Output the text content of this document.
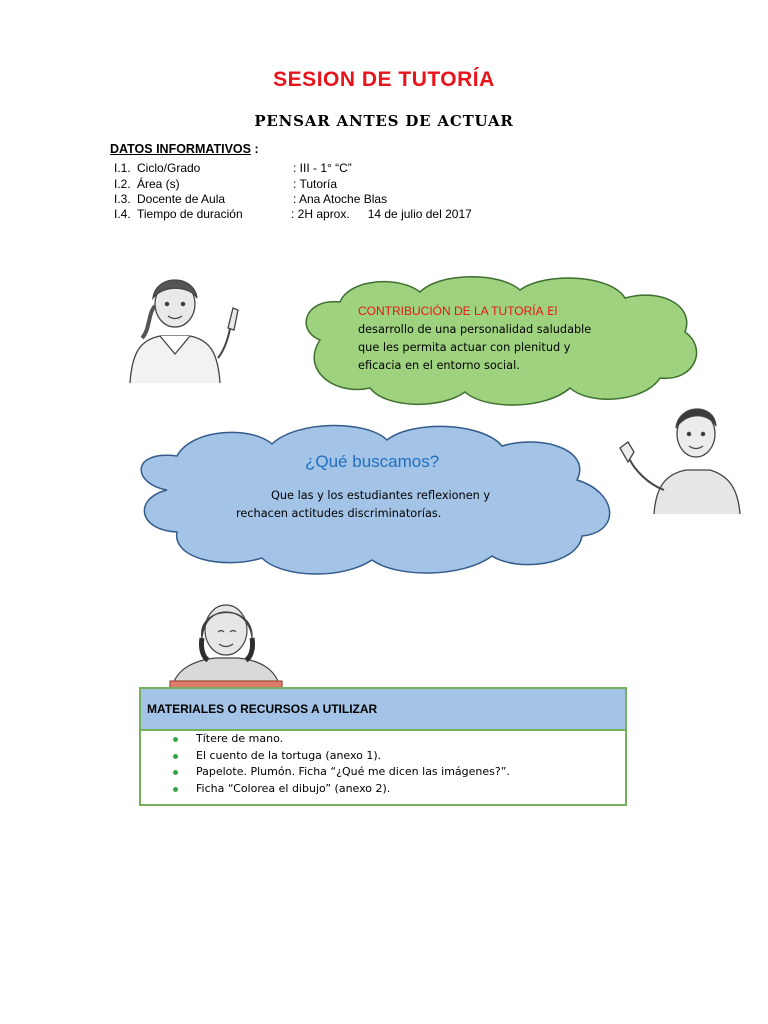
SESION DE TUTORÍA
PENSAR ANTES DE ACTUAR
DATOS INFORMATIVOS :
I.1. Ciclo/Grado	: III - 1° “C”
I.2. Área (s)	: Tutoría
I.3. Docente de Aula	: Ana Atoche Blas
I.4. Tiempo de duración	: 2H aprox. 14 de julio del 2017
CONTRIBUCIÓN DE LA TUTORÍA El
desarrollo de una personalidad saludable que les permita actuar con plenitud y eficacia en el entorno social.
¿Qué buscamos?
Que las y los estudiantes reflexionen y rechacen actitudes discriminatorías.
MATERIALES O RECURSOS A UTILIZAR
Títere de mano.
El cuento de la tortuga (anexo 1).
Papelote. Plumón. Ficha “¿Qué me dicen las imágenes?”.
Ficha “Colorea el dibujo” (anexo 2).
